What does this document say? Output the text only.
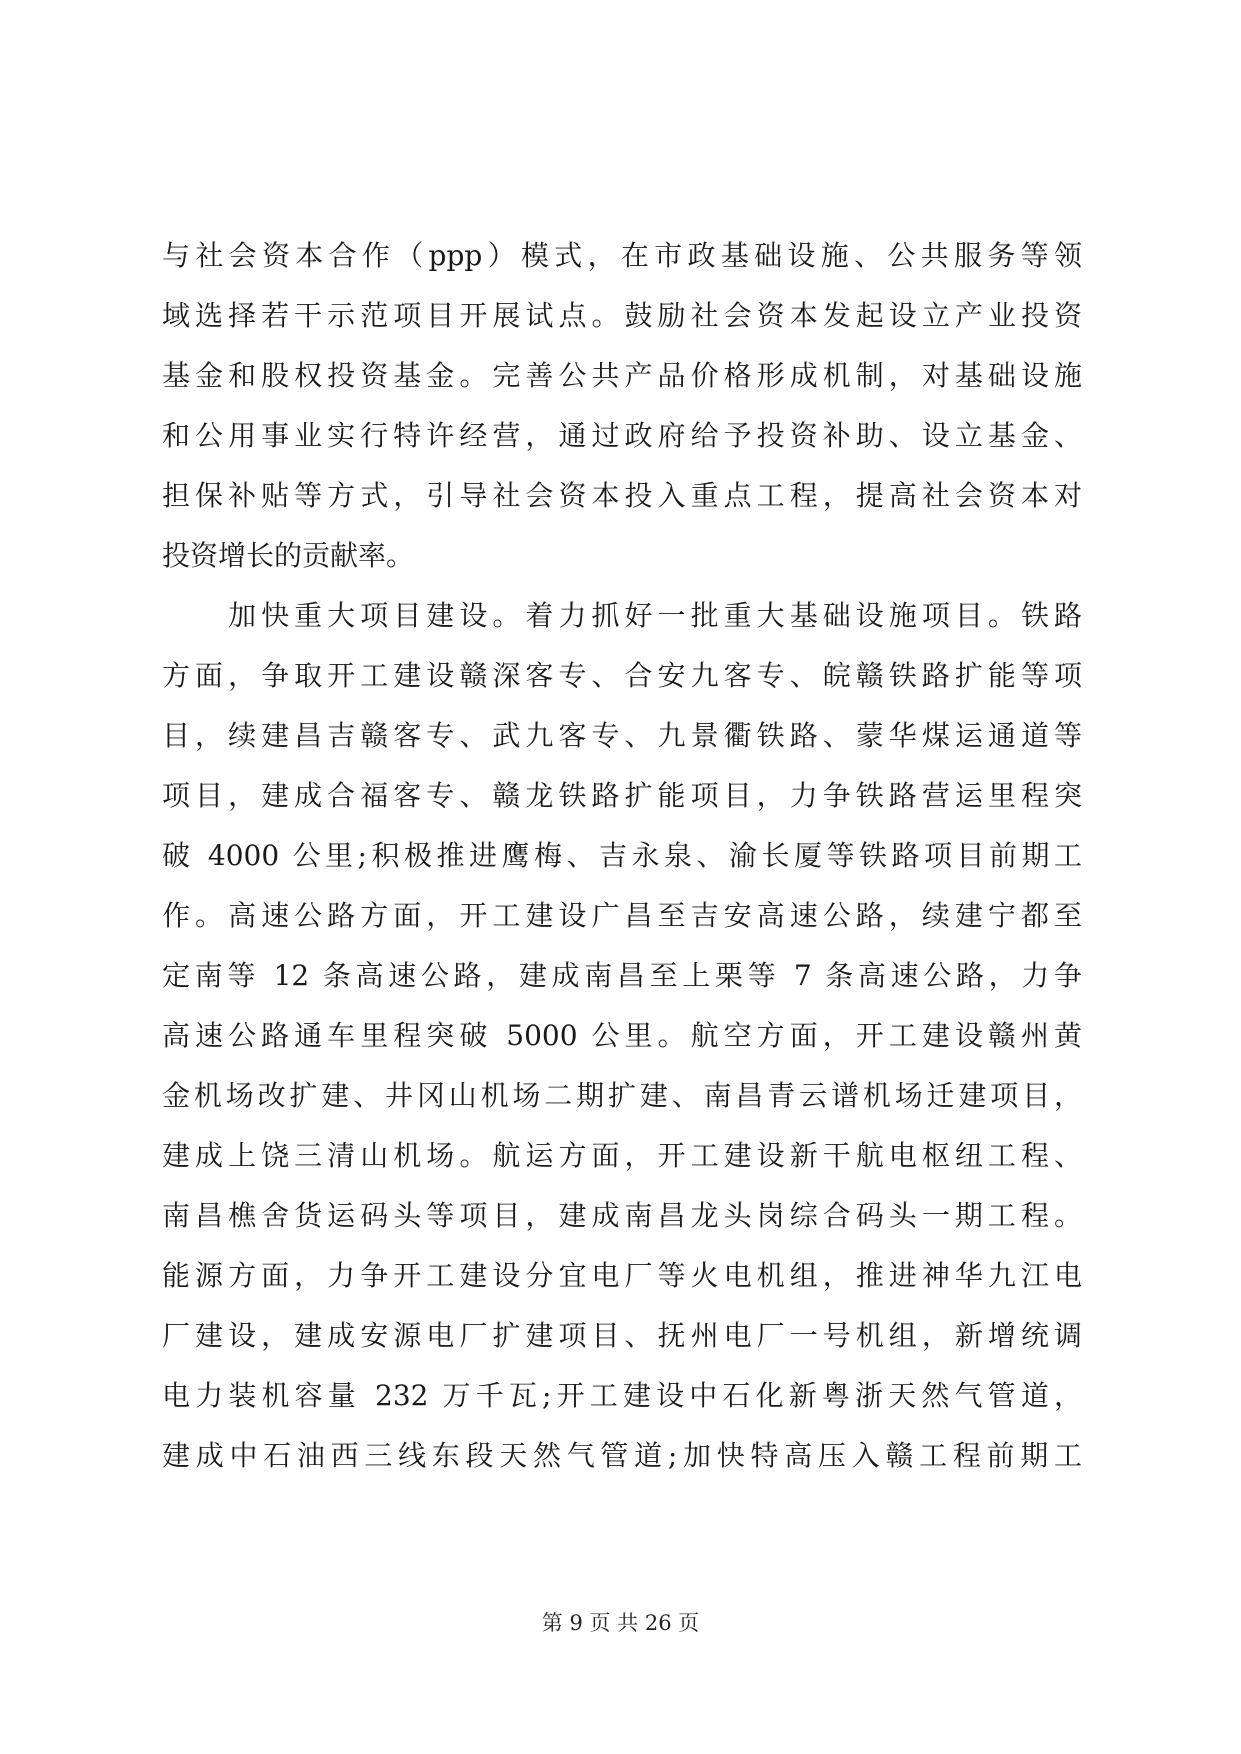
与社会资本合作（ppp）模式，在市政基础设施、公共服务等领
域选择若干示范项目开展试点。鼓励社会资本发起设立产业投资
基金和股权投资基金。完善公共产品价格形成机制，对基础设施
和公用事业实行特许经营，通过政府给予投资补助、设立基金、
担保补贴等方式，引导社会资本投入重点工程，提高社会资本对
投资增长的贡献率。
　　加快重大项目建设。着力抓好一批重大基础设施项目。铁路
方面，争取开工建设赣深客专、合安九客专、皖赣铁路扩能等项
目，续建昌吉赣客专、武九客专、九景衢铁路、蒙华煤运通道等
项目，建成合福客专、赣龙铁路扩能项目，力争铁路营运里程突
破 4000 公里;积极推进鹰梅、吉永泉、渝长厦等铁路项目前期工
作。高速公路方面，开工建设广昌至吉安高速公路，续建宁都至
定南等 12 条高速公路，建成南昌至上栗等 7 条高速公路，力争
高速公路通车里程突破 5000 公里。航空方面，开工建设赣州黄
金机场改扩建、井冈山机场二期扩建、南昌青云谱机场迁建项目，
建成上饶三清山机场。航运方面，开工建设新干航电枢纽工程、
南昌樵舍货运码头等项目，建成南昌龙头岗综合码头一期工程。
能源方面，力争开工建设分宜电厂等火电机组，推进神华九江电
厂建设，建成安源电厂扩建项目、抚州电厂一号机组，新增统调
电力装机容量 232 万千瓦;开工建设中石化新粤浙天然气管道，
建成中石油西三线东段天然气管道;加快特高压入赣工程前期工
第 9 页 共 26 页
